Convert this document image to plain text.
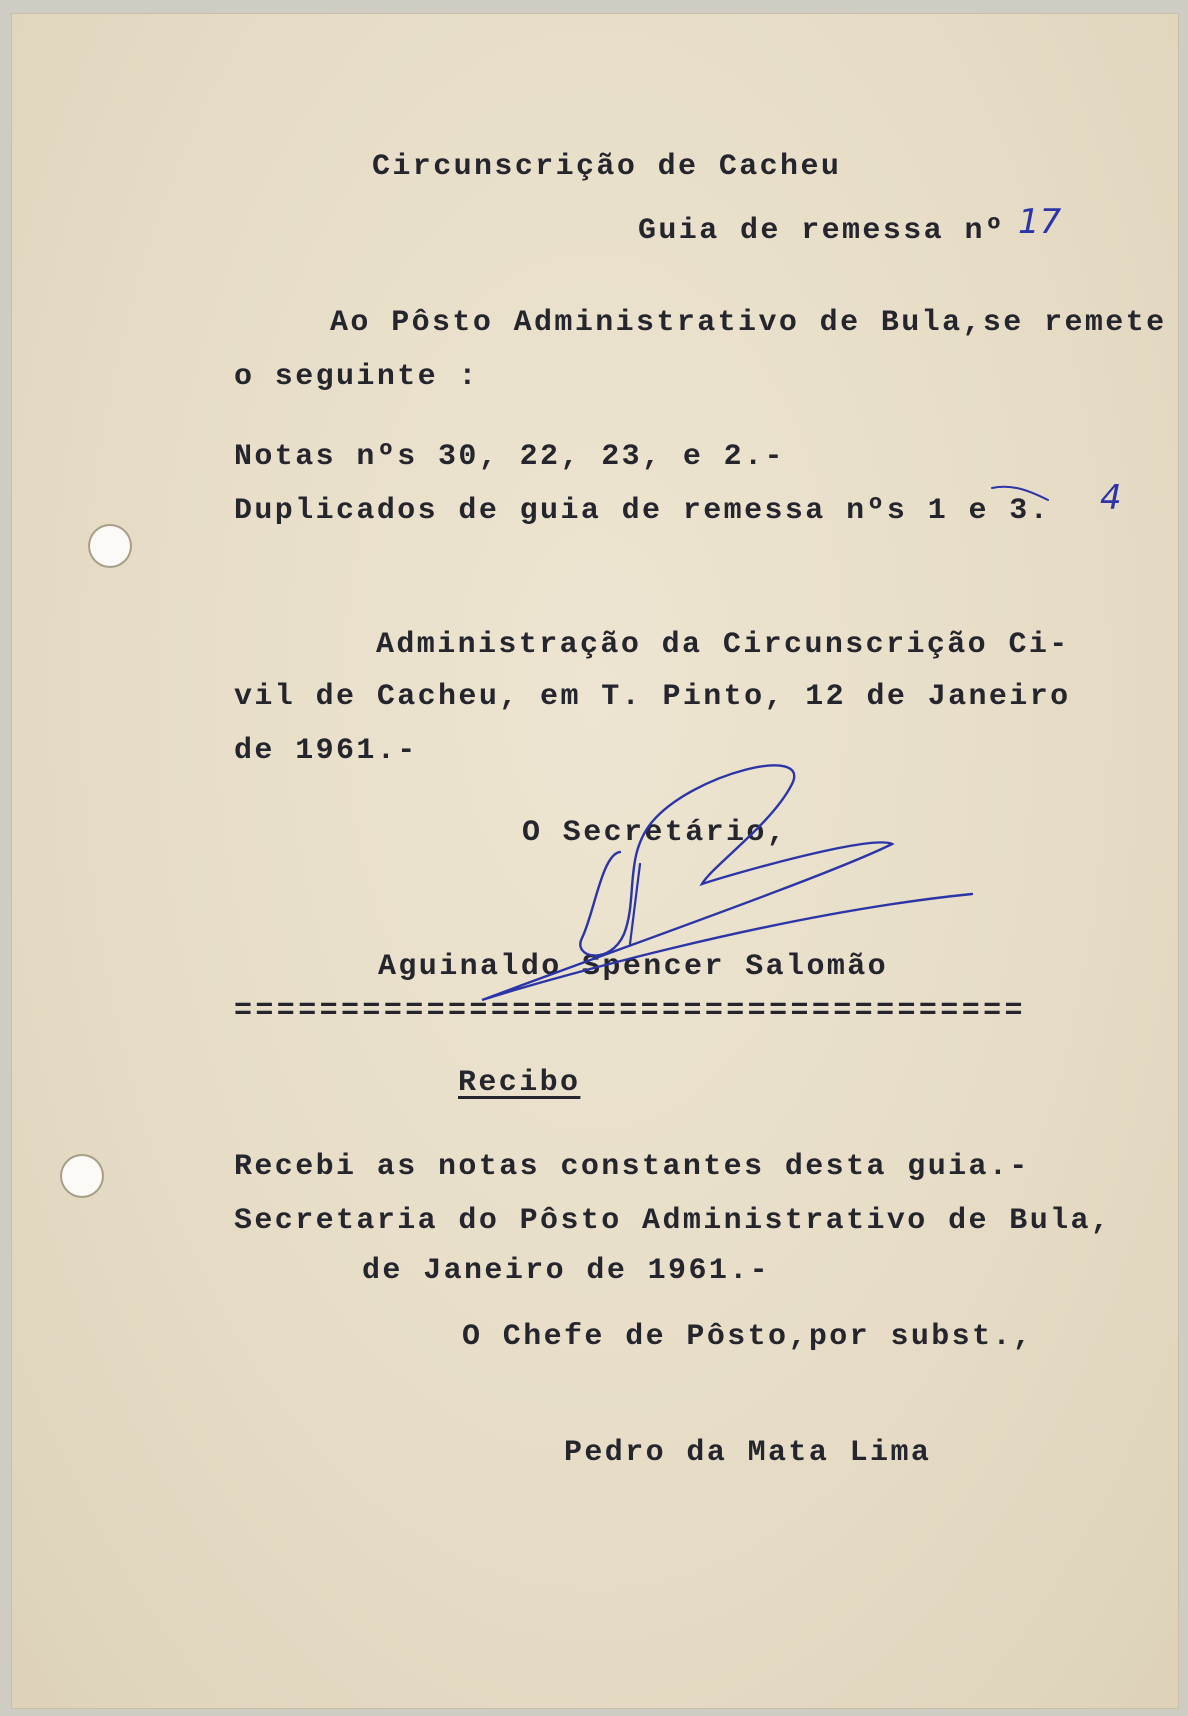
Circunscrição de Cacheu
Guia de remessa nº 17
Ao Pôsto Administrativo de Bula,se remete
o seguinte :
Notas nºs 30, 22, 23, e 2.-
Duplicados de guia de remessa nºs 1 e 3. 4
Administração da Circunscrição Ci-
vil de Cacheu, em T. Pinto, 12 de Janeiro
de 1961.-
O Secretário,
Aguinaldo Spencer Salomão
=====================================
Recibo
Recebi as notas constantes desta guia.-
Secretaria do Pôsto Administrativo de Bula,
de Janeiro de 1961.-
O Chefe de Pôsto,por subst.,
Pedro da Mata Lima
